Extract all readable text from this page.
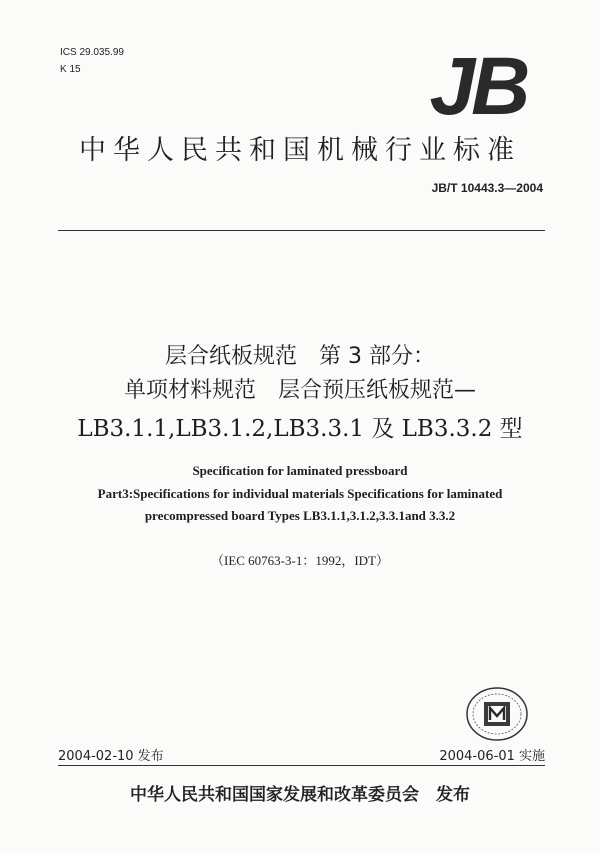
ICS 29.035.99
K 15	JB
中华人民共和国机械行业标准
JB/T 10443.3—2004
层合纸板规范　第 3 部分：
单项材料规范　层合预压纸板规范—
LB3.1.1,LB3.1.2,LB3.3.1 及 LB3.3.2 型
Specification for laminated pressboard
Part3:Specifications for individual materials Specifications for laminated
precompressed board Types LB3.1.1,3.1.2,3.3.1and 3.3.2
（IEC 60763-3-1：1992，IDT）
2004-02-10 发布	2004-06-01 实施
中华人民共和国国家发展和改革委员会　发布
